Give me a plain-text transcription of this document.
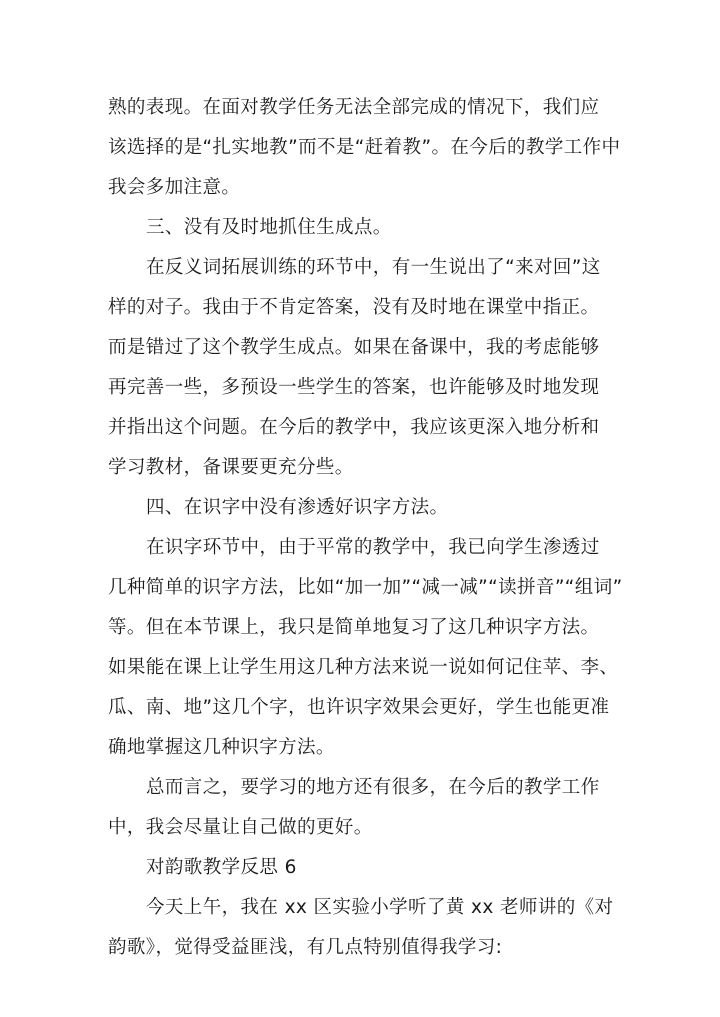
熟的表现。在面对教学任务无法全部完成的情况下，我们应
该选择的是“扎实地教”而不是“赶着教”。在今后的教学工作中
我会多加注意。
三、没有及时地抓住生成点。
在反义词拓展训练的环节中，有一生说出了“来对回”这
样的对子。我由于不肯定答案，没有及时地在课堂中指正。
而是错过了这个教学生成点。如果在备课中，我的考虑能够
再完善一些，多预设一些学生的答案，也许能够及时地发现
并指出这个问题。在今后的教学中，我应该更深入地分析和
学习教材，备课要更充分些。
四、在识字中没有渗透好识字方法。
在识字环节中，由于平常的教学中，我已向学生渗透过
几种简单的识字方法，比如“加一加”“减一减”“读拼音”“组词”
等。但在本节课上，我只是简单地复习了这几种识字方法。
如果能在课上让学生用这几种方法来说一说如何记住苹、李、
瓜、南、地”这几个字，也许识字效果会更好，学生也能更准
确地掌握这几种识字方法。
总而言之，要学习的地方还有很多，在今后的教学工作
中，我会尽量让自己做的更好。
对韵歌教学反思 6
今天上午，我在 xx 区实验小学听了黄 xx 老师讲的《对
韵歌》，觉得受益匪浅，有几点特别值得我学习:
